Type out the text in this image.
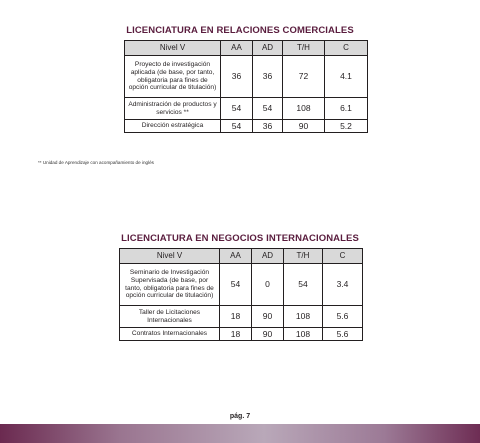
LICENCIATURA EN RELACIONES COMERCIALES
Nivel V	AA	AD	T/H	C
Proyecto de investigación aplicada (de base, por tanto, obligatoria para fines de opción curricular de titulación)	36	36	72	4.1
Administración de productos y servicios **	54	54	108	6.1
Dirección estratégica	54	36	90	5.2
** Unidad de Aprendizaje con acompañamiento de inglés
LICENCIATURA EN NEGOCIOS INTERNACIONALES
Nivel V	AA	AD	T/H	C
Seminario de Investigación Supervisada (de base, por tanto, obligatoria para fines de opción curricular de titulación)	54	0	54	3.4
Taller de Licitaciones Internacionales	18	90	108	5.6
Contratos Internacionales	18	90	108	5.6
pág. 7
